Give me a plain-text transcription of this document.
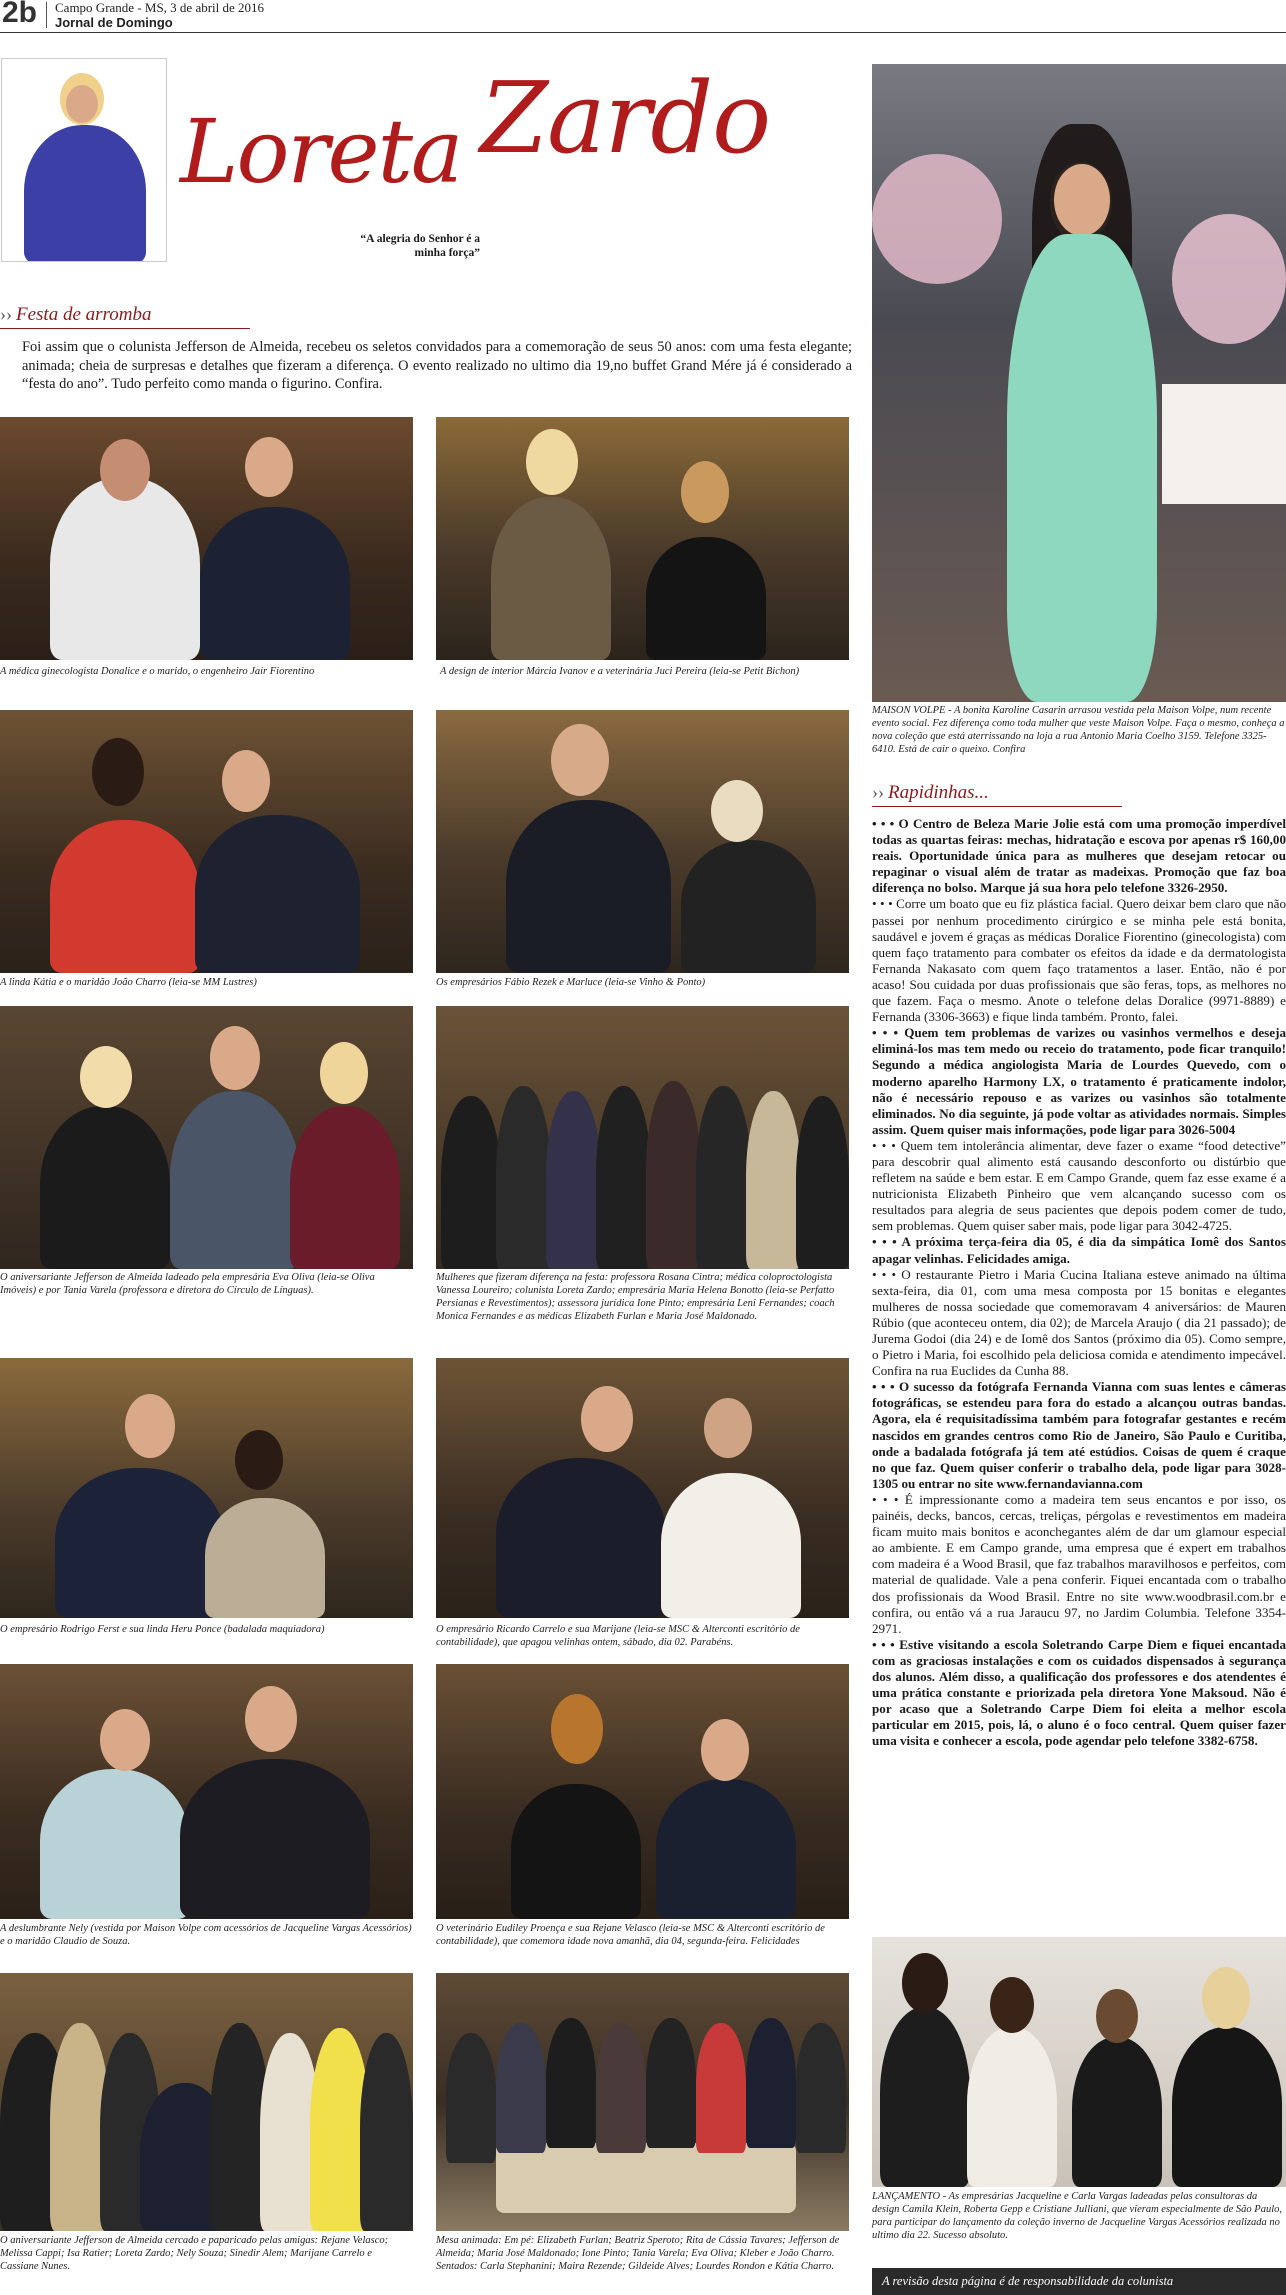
2b Campo Grande - MS, 3 de abril de 2016
Jornal de Domingo
Loreta Zardo
“A alegria do Senhor é a
minha força”
›› Festa de arromba
Foi assim que o colunista Jefferson de Almeida, recebeu os seletos convidados para a comemoração de seus 50 anos: com uma festa elegante; animada; cheia de surpresas e detalhes que fizeram a diferença. O evento realizado no ultimo dia 19,no buffet Grand Mére já é considerado a “festa do ano”. Tudo perfeito como manda o figurino. Confira.
A médica ginecologista Donalice e o marido, o engenheiro Jair Fiorentino	A design de interior Márcia Ivanov e a veterinária Juci Pereira (leia-se Petit Bichon)
A linda Kátia e o maridão João Charro (leia-se MM Lustres)	Os empresários Fábio Rezek e Marluce (leia-se Vinho & Ponto)
O aniversariante Jefferson de Almeida ladeado pela empresária Eva Oliva (leia-se Oliva Imóveis) e por Tania Varela (professora e diretora do Círculo de Línguas).
Mulheres que fizeram diferença na festa: professora Rosana Cintra; médica coloproctologista Vanessa Loureiro; colunista Loreta Zardo; empresária Maria Helena Bonotto (leia-se Perfatto Persianas e Revestimentos); assessora jurídica Ione Pinto; empresária Leni Fernandes; coach Monica Fernandes e as médicas Elizabeth Furlan e Maria José Maldonado.
O empresário Rodrigo Ferst e sua linda Heru Ponce (badalada maquiadora)	O empresário Ricardo Carrelo e sua Marijane (leia-se MSC & Alterconti escritório de contabilidade), que apagou velinhas ontem, sábado, dia 02. Parabéns.
A deslumbrante Nely (vestida por Maison Volpe com acessórios de Jacqueline Vargas Acessórios) e o maridão Claudio de Souza.
O veterinário Eudiley Proença e sua Rejane Velasco (leia-se MSC & Alterconti escritório de contabilidade), que comemora idade nova amanhã, dia 04, segunda-feira. Felicidades
O aniversariante Jefferson de Almeida cercado e paparicado pelas amigas: Rejane Velasco; Melissa Cappi; Isa Ratier; Loreta Zardo; Nely Souza; Sinedir Alem; Marijane Carrelo e Cassiane Nunes.
Mesa animada: Em pé: Elizabeth Furlan; Beatriz Speroto; Rita de Cássia Tavares; Jefferson de Almeida; Maria José Maldonado; Ione Pinto; Tania Varela; Eva Oliva; Kleber e João Charro. Sentados: Carla Stephanini; Maira Rezende; Gildeide Alves; Lourdes Rondon e Kátia Charro.
MAISON VOLPE - A bonita Karoline Casarin arrasou vestida pela Maison Volpe, num recente evento social. Fez diferença como toda mulher que veste Maison Volpe. Faça o mesmo, conheça a nova coleção que está aterrissando na loja a rua Antonio Maria Coelho 3159. Telefone 3325-6410. Está de cair o queixo. Confira
›› Rapidinhas...

• • • O Centro de Beleza Marie Jolie está com uma promoção imperdível todas as quartas feiras: mechas, hidratação e escova por apenas r$ 160,00 reais. Oportunidade única para as mulheres que desejam retocar ou repaginar o visual além de tratar as madeixas. Promoção que faz boa diferença no bolso. Marque já sua hora pelo telefone 3326-2950.

• • • Corre um boato que eu fiz plástica facial. Quero deixar bem claro que não passei por nenhum procedimento cirúrgico e se minha pele está bonita, saudável e jovem é graças as médicas Doralice Fiorentino (ginecologista) com quem faço tratamento para combater os efeitos da idade e da dermatologista Fernanda Nakasato com quem faço tratamentos a laser. Então, não é por acaso! Sou cuidada por duas profissionais que são feras, tops, as melhores no que fazem. Faça o mesmo. Anote o telefone delas Doralice (9971-8889) e Fernanda (3306-3663) e fique linda também. Pronto, falei.

• • • Quem tem problemas de varizes ou vasinhos vermelhos e deseja eliminá-los mas tem medo ou receio do tratamento, pode ficar tranquilo! Segundo a médica angiologista Maria de Lourdes Quevedo, com o moderno aparelho Harmony LX, o tratamento é praticamente indolor, não é necessário repouso e as varizes ou vasinhos são totalmente eliminados. No dia seguinte, já pode voltar as atividades normais. Simples assim. Quem quiser mais informações, pode ligar para 3026-5004

• • • Quem tem intolerância alimentar, deve fazer o exame “food detective” para descobrir qual alimento está causando desconforto ou distúrbio que refletem na saúde e bem estar. E em Campo Grande, quem faz esse exame é a nutricionista Elizabeth Pinheiro que vem alcançando sucesso com os resultados para alegria de seus pacientes que depois podem comer de tudo, sem problemas. Quem quiser saber mais, pode ligar para 3042-4725.

• • • A próxima terça-feira dia 05, é dia da simpática Iomê dos Santos apagar velinhas. Felicidades amiga.

• • • O restaurante Pietro i Maria Cucina Italiana esteve animado na última sexta-feira, dia 01, com uma mesa composta por 15 bonitas e elegantes mulheres de nossa sociedade que comemoravam 4 aniversários: de Mauren Rúbio (que aconteceu ontem, dia 02); de Marcela Araujo ( dia 21 passado); de Jurema Godoi (dia 24) e de Iomê dos Santos (próximo dia 05). Como sempre, o Pietro i Maria, foi escolhido pela deliciosa comida e atendimento impecável. Confira na rua Euclides da Cunha 88.

• • • O sucesso da fotógrafa Fernanda Vianna com suas lentes e câmeras fotográficas, se estendeu para fora do estado a alcançou outras bandas. Agora, ela é requisitadíssima também para fotografar gestantes e recém nascidos em grandes centros como Rio de Janeiro, São Paulo e Curitiba, onde a badalada fotógrafa já tem até estúdios. Coisas de quem é craque no que faz. Quem quiser conferir o trabalho dela, pode ligar para 3028-1305 ou entrar no site www.fernandavianna.com

• • • É impressionante como a madeira tem seus encantos e por isso, os painéis, decks, bancos, cercas, treliças, pérgolas e revestimentos em madeira ficam muito mais bonitos e aconchegantes além de dar um glamour especial ao ambiente. E em Campo grande, uma empresa que é expert em trabalhos com madeira é a Wood Brasil, que faz trabalhos maravilhosos e perfeitos, com material de qualidade. Vale a pena conferir. Fiquei encantada com o trabalho dos profissionais da Wood Brasil. Entre no site www.woodbrasil.com.br e confira, ou então vá a rua Jaraucu 97, no Jardim Columbia. Telefone 3354-2971.

• • • Estive visitando a escola Soletrando Carpe Diem e fiquei encantada com as graciosas instalações e com os cuidados dispensados à segurança dos alunos. Além disso, a qualificação dos professores e dos atendentes é uma prática constante e priorizada pela diretora Yone Maksoud. Não é por acaso que a Soletrando Carpe Diem foi eleita a melhor escola particular em 2015, pois, lá, o aluno é o foco central. Quem quiser fazer uma visita e conhecer a escola, pode agendar pelo telefone 3382-6758.

LANÇAMENTO - As empresárias Jacqueline e Carla Vargas ladeadas pelas consultoras da design Camila Klein, Roberta Gepp e Cristiane Julliani, que vieram especialmente de São Paulo, para participar do lançamento da coleção inverno de Jacqueline Vargas Acessórios realizada no ultimo dia 22. Sucesso absoluto.
A revisão desta página é de responsabilidade da colunista
